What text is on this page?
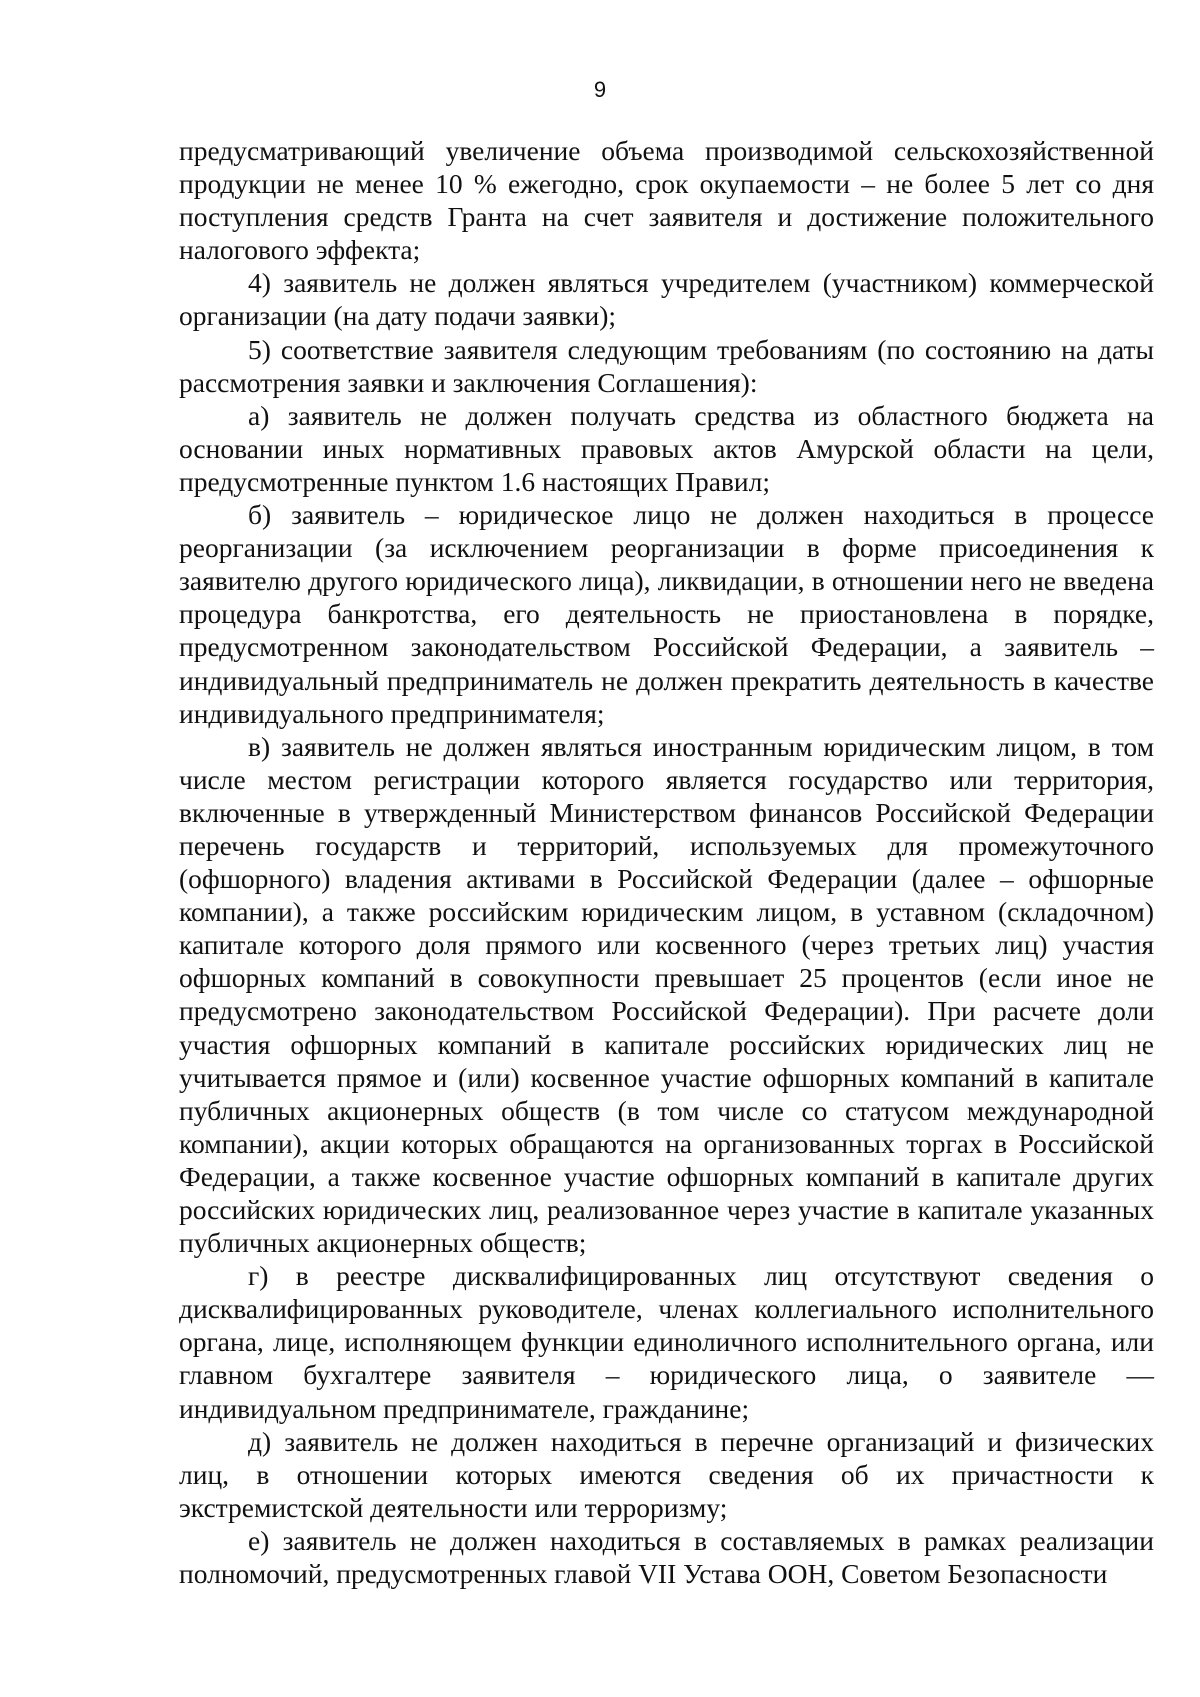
9

предусматривающий увеличение объема производимой сельскохозяйственной продукции не менее 10 % ежегодно, срок окупаемости – не более 5 лет со дня поступления средств Гранта на счет заявителя и достижение положительного налогового эффекта;

4) заявитель не должен являться учредителем (участником) коммерческой организации (на дату подачи заявки);

5) соответствие заявителя следующим требованиям (по состоянию на даты рассмотрения заявки и заключения Соглашения):

а) заявитель не должен получать средства из областного бюджета на основании иных нормативных правовых актов Амурской области на цели, предусмотренные пунктом 1.6 настоящих Правил;

б) заявитель – юридическое лицо не должен находиться в процессе реорганизации (за исключением реорганизации в форме присоединения к заявителю другого юридического лица), ликвидации, в отношении него не введена процедура банкротства, его деятельность не приостановлена в порядке, предусмотренном законодательством Российской Федерации, а заявитель – индивидуальный предприниматель не должен прекратить деятельность в качестве индивидуального предпринимателя;

в) заявитель не должен являться иностранным юридическим лицом, в том числе местом регистрации которого является государство или территория, включенные в утвержденный Министерством финансов Российской Федерации перечень государств и территорий, используемых для промежуточного (офшорного) владения активами в Российской Федерации (далее – офшорные компании), а также российским юридическим лицом, в уставном (складочном) капитале которого доля прямого или косвенного (через третьих лиц) участия офшорных компаний в совокупности превышает 25 процентов (если иное не предусмотрено законодательством Российской Федерации). При расчете доли участия офшорных компаний в капитале российских юридических лиц не учитывается прямое и (или) косвенное участие офшорных компаний в капитале публичных акционерных обществ (в том числе со статусом международной компании), акции которых обращаются на организованных торгах в Российской Федерации, а также косвенное участие офшорных компаний в капитале других российских юридических лиц, реализованное через участие в капитале указанных публичных акционерных обществ;

г) в реестре дисквалифицированных лиц отсутствуют сведения о дисквалифицированных руководителе, членах коллегиального исполнительного органа, лице, исполняющем функции единоличного исполнительного органа, или главном бухгалтере заявителя – юридического лица, о заявителе — индивидуальном предпринимателе, гражданине;

д) заявитель не должен находиться в перечне организаций и физических лиц, в отношении которых имеются сведения об их причастности к экстремистской деятельности или терроризму;

е) заявитель не должен находиться в составляемых в рамках реализации полномочий, предусмотренных главой VII Устава ООН, Советом Безопасности
